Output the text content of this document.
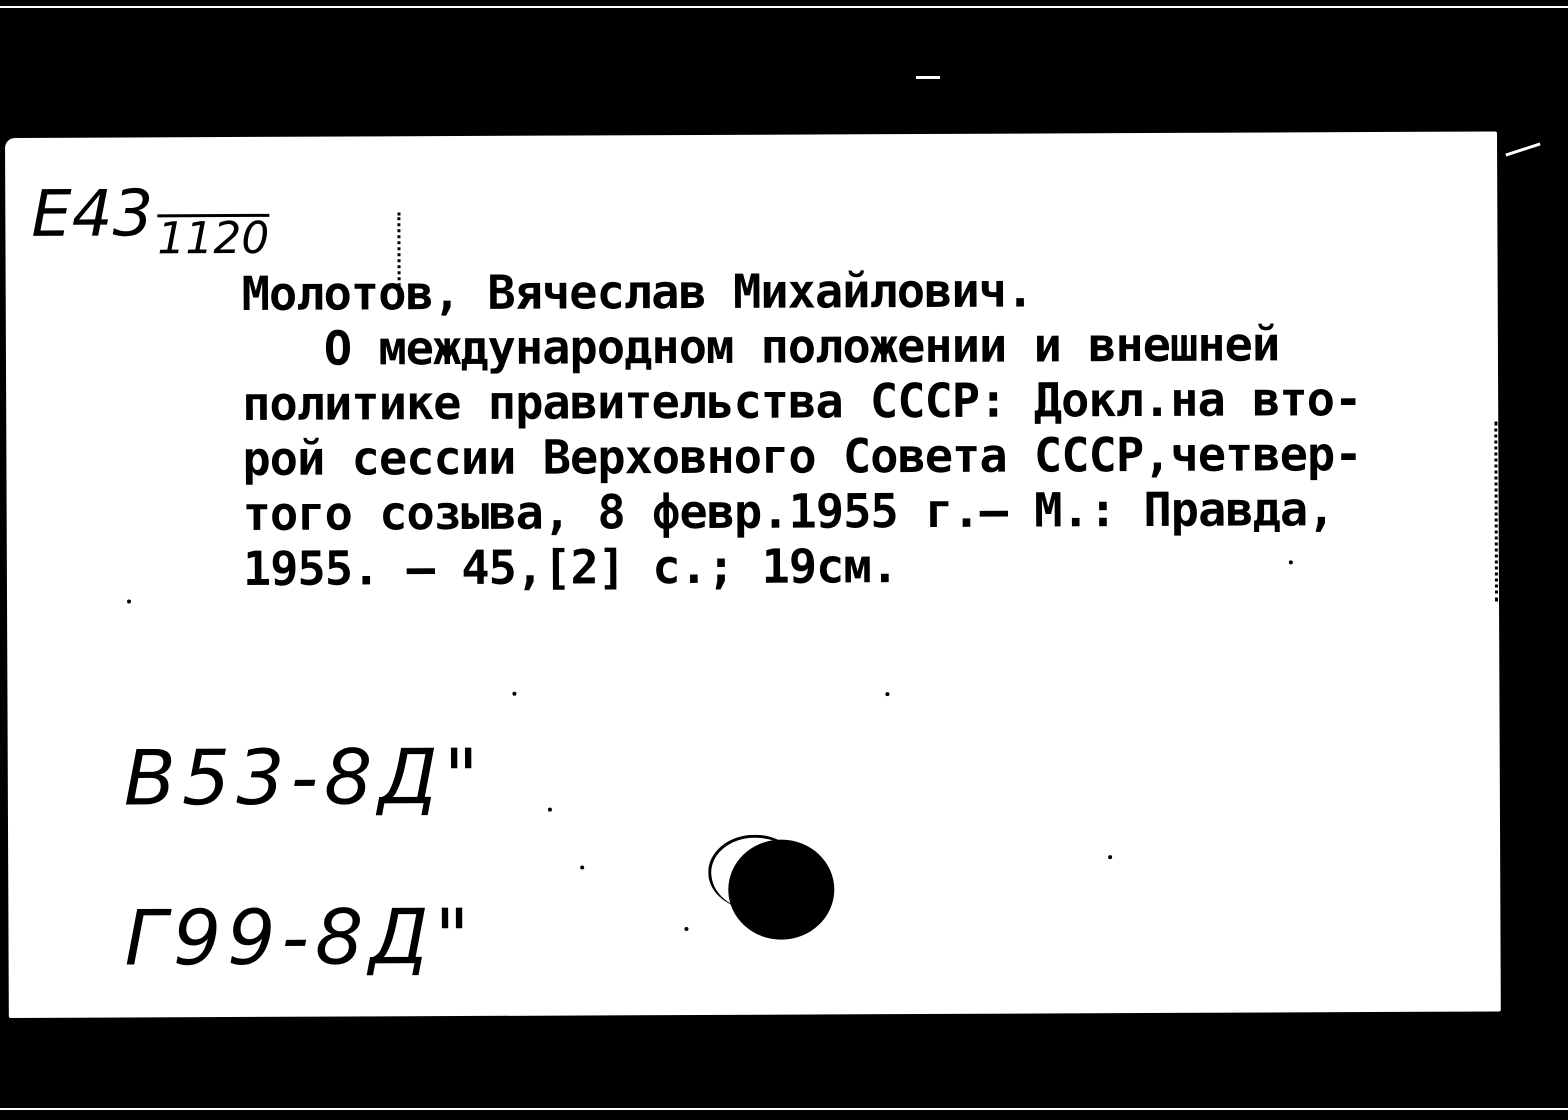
E431120
Молотов, Вячеслав Михайлович.
О международном положении и внешней
политике правительства СССР: Докл.на вто-
рой сессии Верховного Совета СССР,четвер-
того созыва, 8 февр.1955 г.— М.: Правда,
1955. — 45,[2] с.; 19см.
В53-8Д"
Г99-8Д"
